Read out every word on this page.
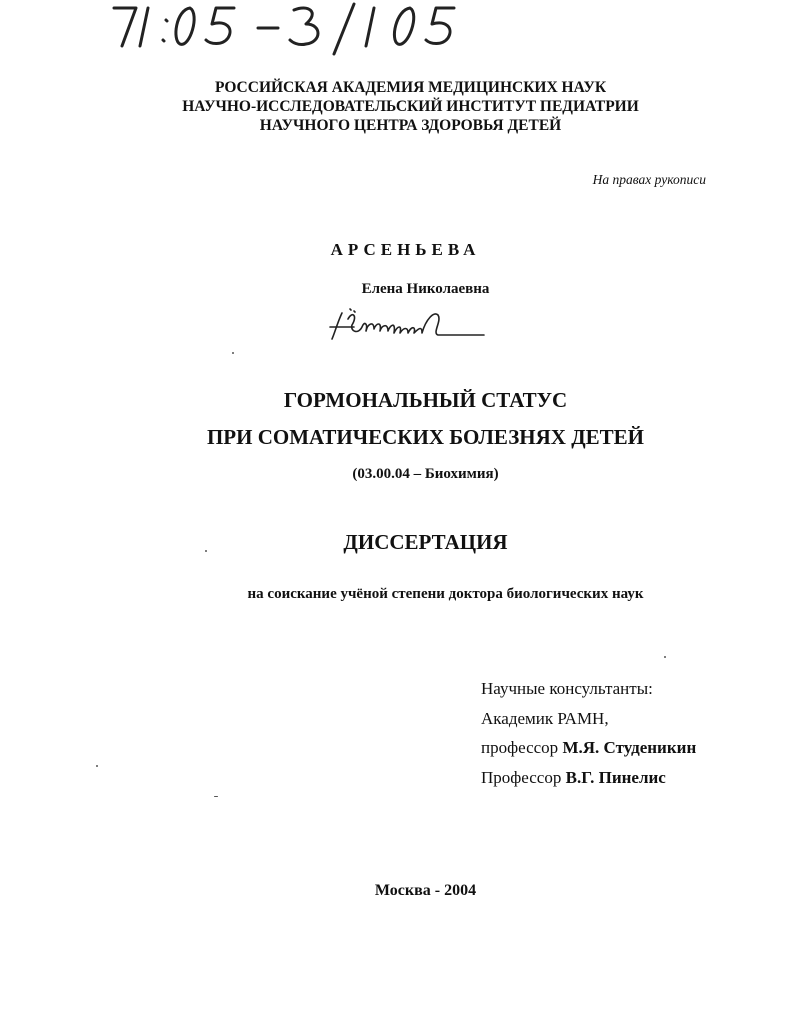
РОССИЙСКАЯ АКАДЕМИЯ МЕДИЦИНСКИХ НАУК
НАУЧНО-ИССЛЕДОВАТЕЛЬСКИЙ ИНСТИТУТ ПЕДИАТРИИ
НАУЧНОГО ЦЕНТРА ЗДОРОВЬЯ ДЕТЕЙ
На правах рукописи
АРСЕНЬЕВА
Елена Николаевна
ГОРМОНАЛЬНЫЙ СТАТУС
ПРИ СОМАТИЧЕСКИХ БОЛЕЗНЯХ ДЕТЕЙ
(03.00.04 – Биохимия)
ДИССЕРТАЦИЯ
на соискание учёной степени доктора биологических наук
Научные консультанты:
Академик РАМН,
профессор М.Я. Студеникин
Профессор В.Г. Пинелис
Москва - 2004
